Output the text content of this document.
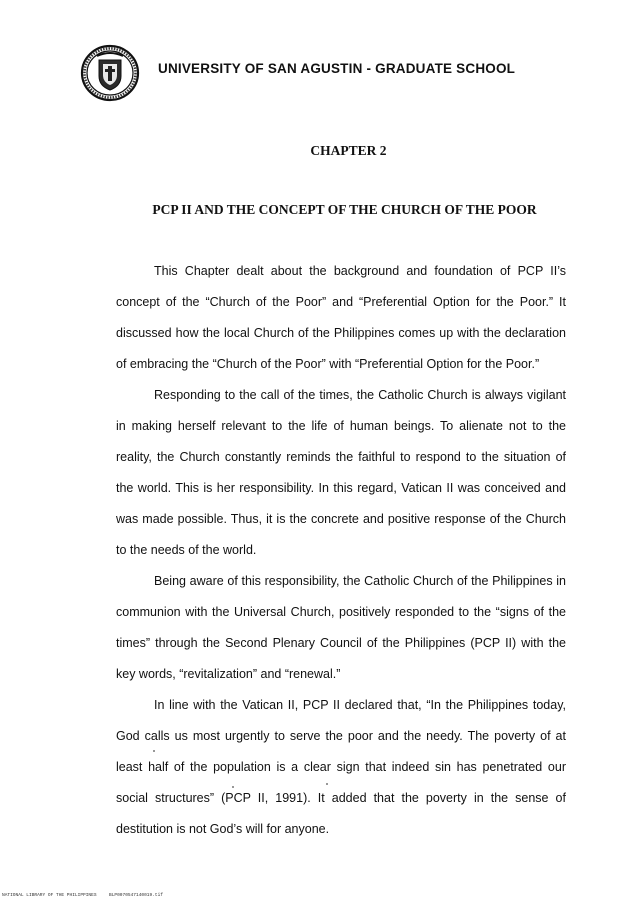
UNIVERSITY OF SAN AGUSTIN - GRADUATE SCHOOL
CHAPTER 2
PCP II AND THE CONCEPT OF THE CHURCH OF THE POOR

This Chapter dealt about the background and foundation of PCP II’s concept of the “Church of the Poor” and “Preferential Option for the Poor.” It discussed how the local Church of the Philippines comes up with the declaration of embracing the “Church of the Poor” with “Preferential Option for the Poor.”

Responding to the call of the times, the Catholic Church is always vigilant in making herself relevant to the life of human beings. To alienate not to the reality, the Church constantly reminds the faithful to respond to the situation of the world. This is her responsibility. In this regard, Vatican II was conceived and was made possible. Thus, it is the concrete and positive response of the Church to the needs of the world.

Being aware of this responsibility, the Catholic Church of the Philippines in communion with the Universal Church, positively responded to the “signs of the times” through the Second Plenary Council of the Philippines (PCP II) with the key words, “revitalization” and “renewal.”

In line with the Vatican II, PCP II declared that, “In the Philippines today, God calls us most urgently to serve the poor and the needy. The poverty of at least half of the population is a clear sign that indeed sin has penetrated our social structures” (PCP II, 1991). It added that the poverty in the sense of destitution is not God’s will for anyone.

NATIONAL LIBRARY OF THE PHILIPPINES	BLP0070547140019.tif
